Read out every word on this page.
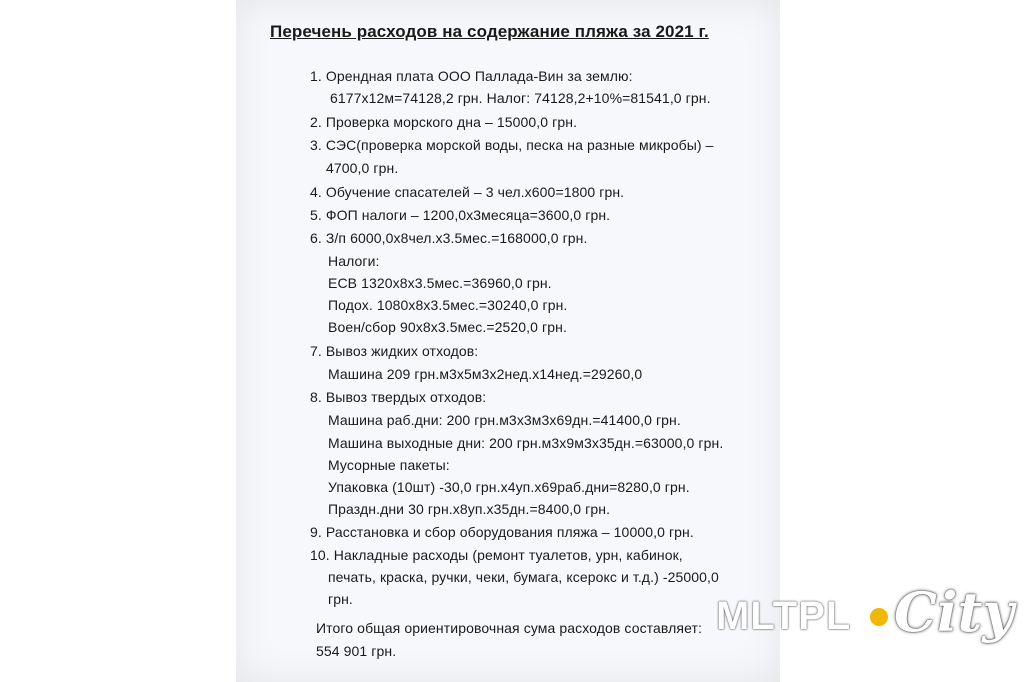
Перечень расходов на содержание пляжа за 2021 г.
1. Орендная плата ООО Паллада-Вин за землю:
6177x12м=74128,2 грн. Налог: 74128,2+10%=81541,0 грн.
2. Проверка морского дна – 15000,0 грн.
3. СЭС(проверка морской воды, песка на разные микробы) –
4700,0 грн.
4. Обучение спасателей – 3 чел.х600=1800 грн.
5. ФОП налоги – 1200,0х3месяца=3600,0 грн.
6. З/п 6000,0х8чел.х3.5мес.=168000,0 грн.
Налоги:
ЕСВ 1320х8х3.5мес.=36960,0 грн.
Подох. 1080х8х3.5мес.=30240,0 грн.
Воен/сбор 90х8х3.5мес.=2520,0 грн.
7. Вывоз жидких отходов:
Машина 209 грн.м3х5м3х2нед.х14нед.=29260,0
8. Вывоз твердых отходов:
Машина раб.дни: 200 грн.м3х3м3х69дн.=41400,0 грн.
Машина выходные дни: 200 грн.м3х9м3х35дн.=63000,0 грн.
Мусорные пакеты:
Упаковка (10шт) -30,0 грн.х4уп.х69раб.дни=8280,0 грн.
Праздн.дни 30 грн.х8уп.х35дн.=8400,0 грн.
9. Расстановка и сбор оборудования пляжа – 10000,0 грн.
10. Накладные расходы (ремонт туалетов, урн, кабинок,
печать, краска, ручки, чеки, бумага, ксерокс и т.д.) -25000,0
грн.
Итого общая ориентировочная сума расходов составляет:
554 901 грн.
MLTPL City
